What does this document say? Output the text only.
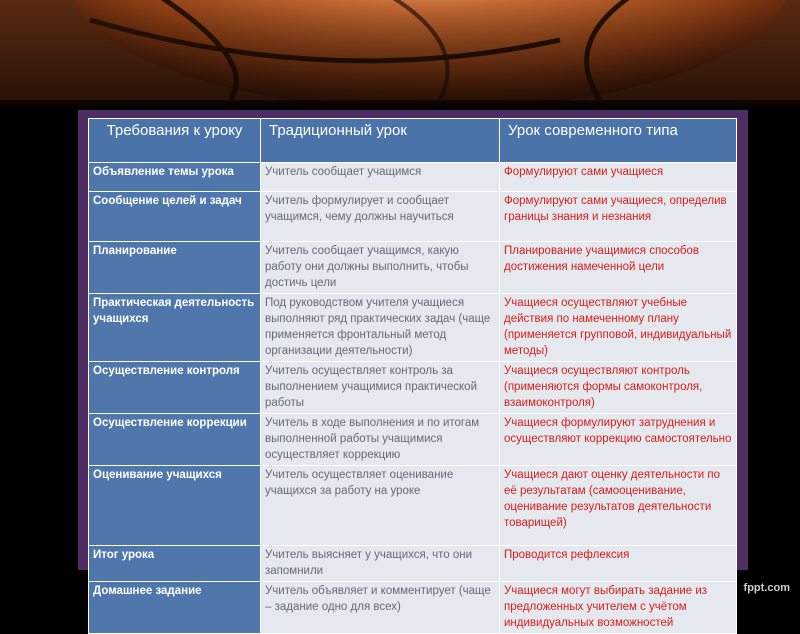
Требования к уроку	Традиционный урок	Урок современного типа
Объявление темы урока	Учитель сообщает учащимся	Формулируют сами учащиеся
Сообщение целей и задач	Учитель формулирует и сообщает учащимся, чему должны научиться	Формулируют сами учащиеся, определив границы знания и незнания
Планирование	Учитель сообщает учащимся, какую работу они должны выполнить, чтобы достичь цели	Планирование учащимися способов достижения намеченной цели
Практическая деятельность учащихся	Под руководством учителя учащиеся выполняют ряд практических задач (чаще применяется фронтальный метод организации деятельности)	Учащиеся осуществляют учебные действия по намеченному плану (применяется групповой, индивидуальный методы)
Осуществление контроля	Учитель осуществляет контроль за выполнением учащимися практической работы	Учащиеся осуществляют контроль (применяются формы самоконтроля, взаимоконтроля)
Осуществление коррекции	Учитель в ходе выполнения и по итогам выполненной работы учащимися осуществляет коррекцию	Учащиеся формулируют затруднения и осуществляют коррекцию самостоятельно
Оценивание учащихся	Учитель осуществляет оценивание учащихся за работу на уроке	Учащиеся дают оценку деятельности по её результатам (самооценивание, оценивание результатов деятельности товарищей)
Итог урока	Учитель выясняет у учащихся, что они запомнили	Проводится рефлексия
Домашнее задание	Учитель объявляет и комментирует (чаще – задание одно для всех)	Учащиеся могут выбирать задание из предложенных учителем с учётом индивидуальных возможностей
fppt.com
